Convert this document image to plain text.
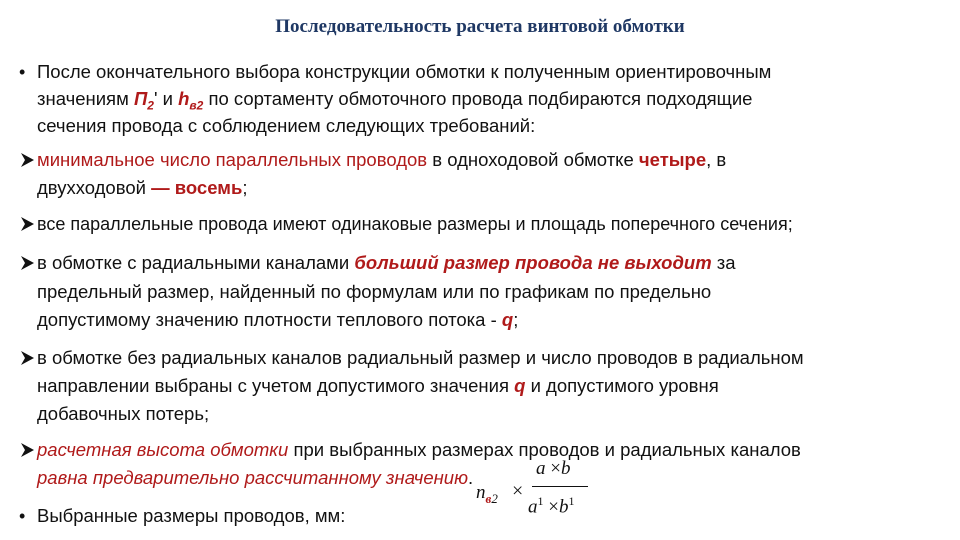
Последовательность расчета винтовой обмотки
• После окончательного выбора конструкции обмотки к полученным ориентировочным
значениям $П_2'$ и $h_{в2}$ по сортаменту обмоточного провода подбираются подходящие
сечения провода с соблюдением следующих требований:
минимальное число параллельных проводов в одноходовой обмотке четыре, в
двухходовой — восемь;
все параллельные провода имеют одинаковые размеры и площадь поперечного сечения;
в обмотке с радиальными каналами больший размер провода не выходит за
предельный размер, найденный по формулам или по графикам по предельно
допустимому значению плотности теплового потока - q;
в обмотке без радиальных каналов радиальный размер и число проводов в радиальном
направлении выбраны с учетом допустимого значения q и допустимого уровня
добавочных потерь;
расчетная высота обмотки при выбранных размерах проводов и радиальных каналов
равна предварительно рассчитанному значению.
• Выбранные размеры проводов, мм:
$n_{в2}$ ×
a ×b
$a^1 \times b^1$
